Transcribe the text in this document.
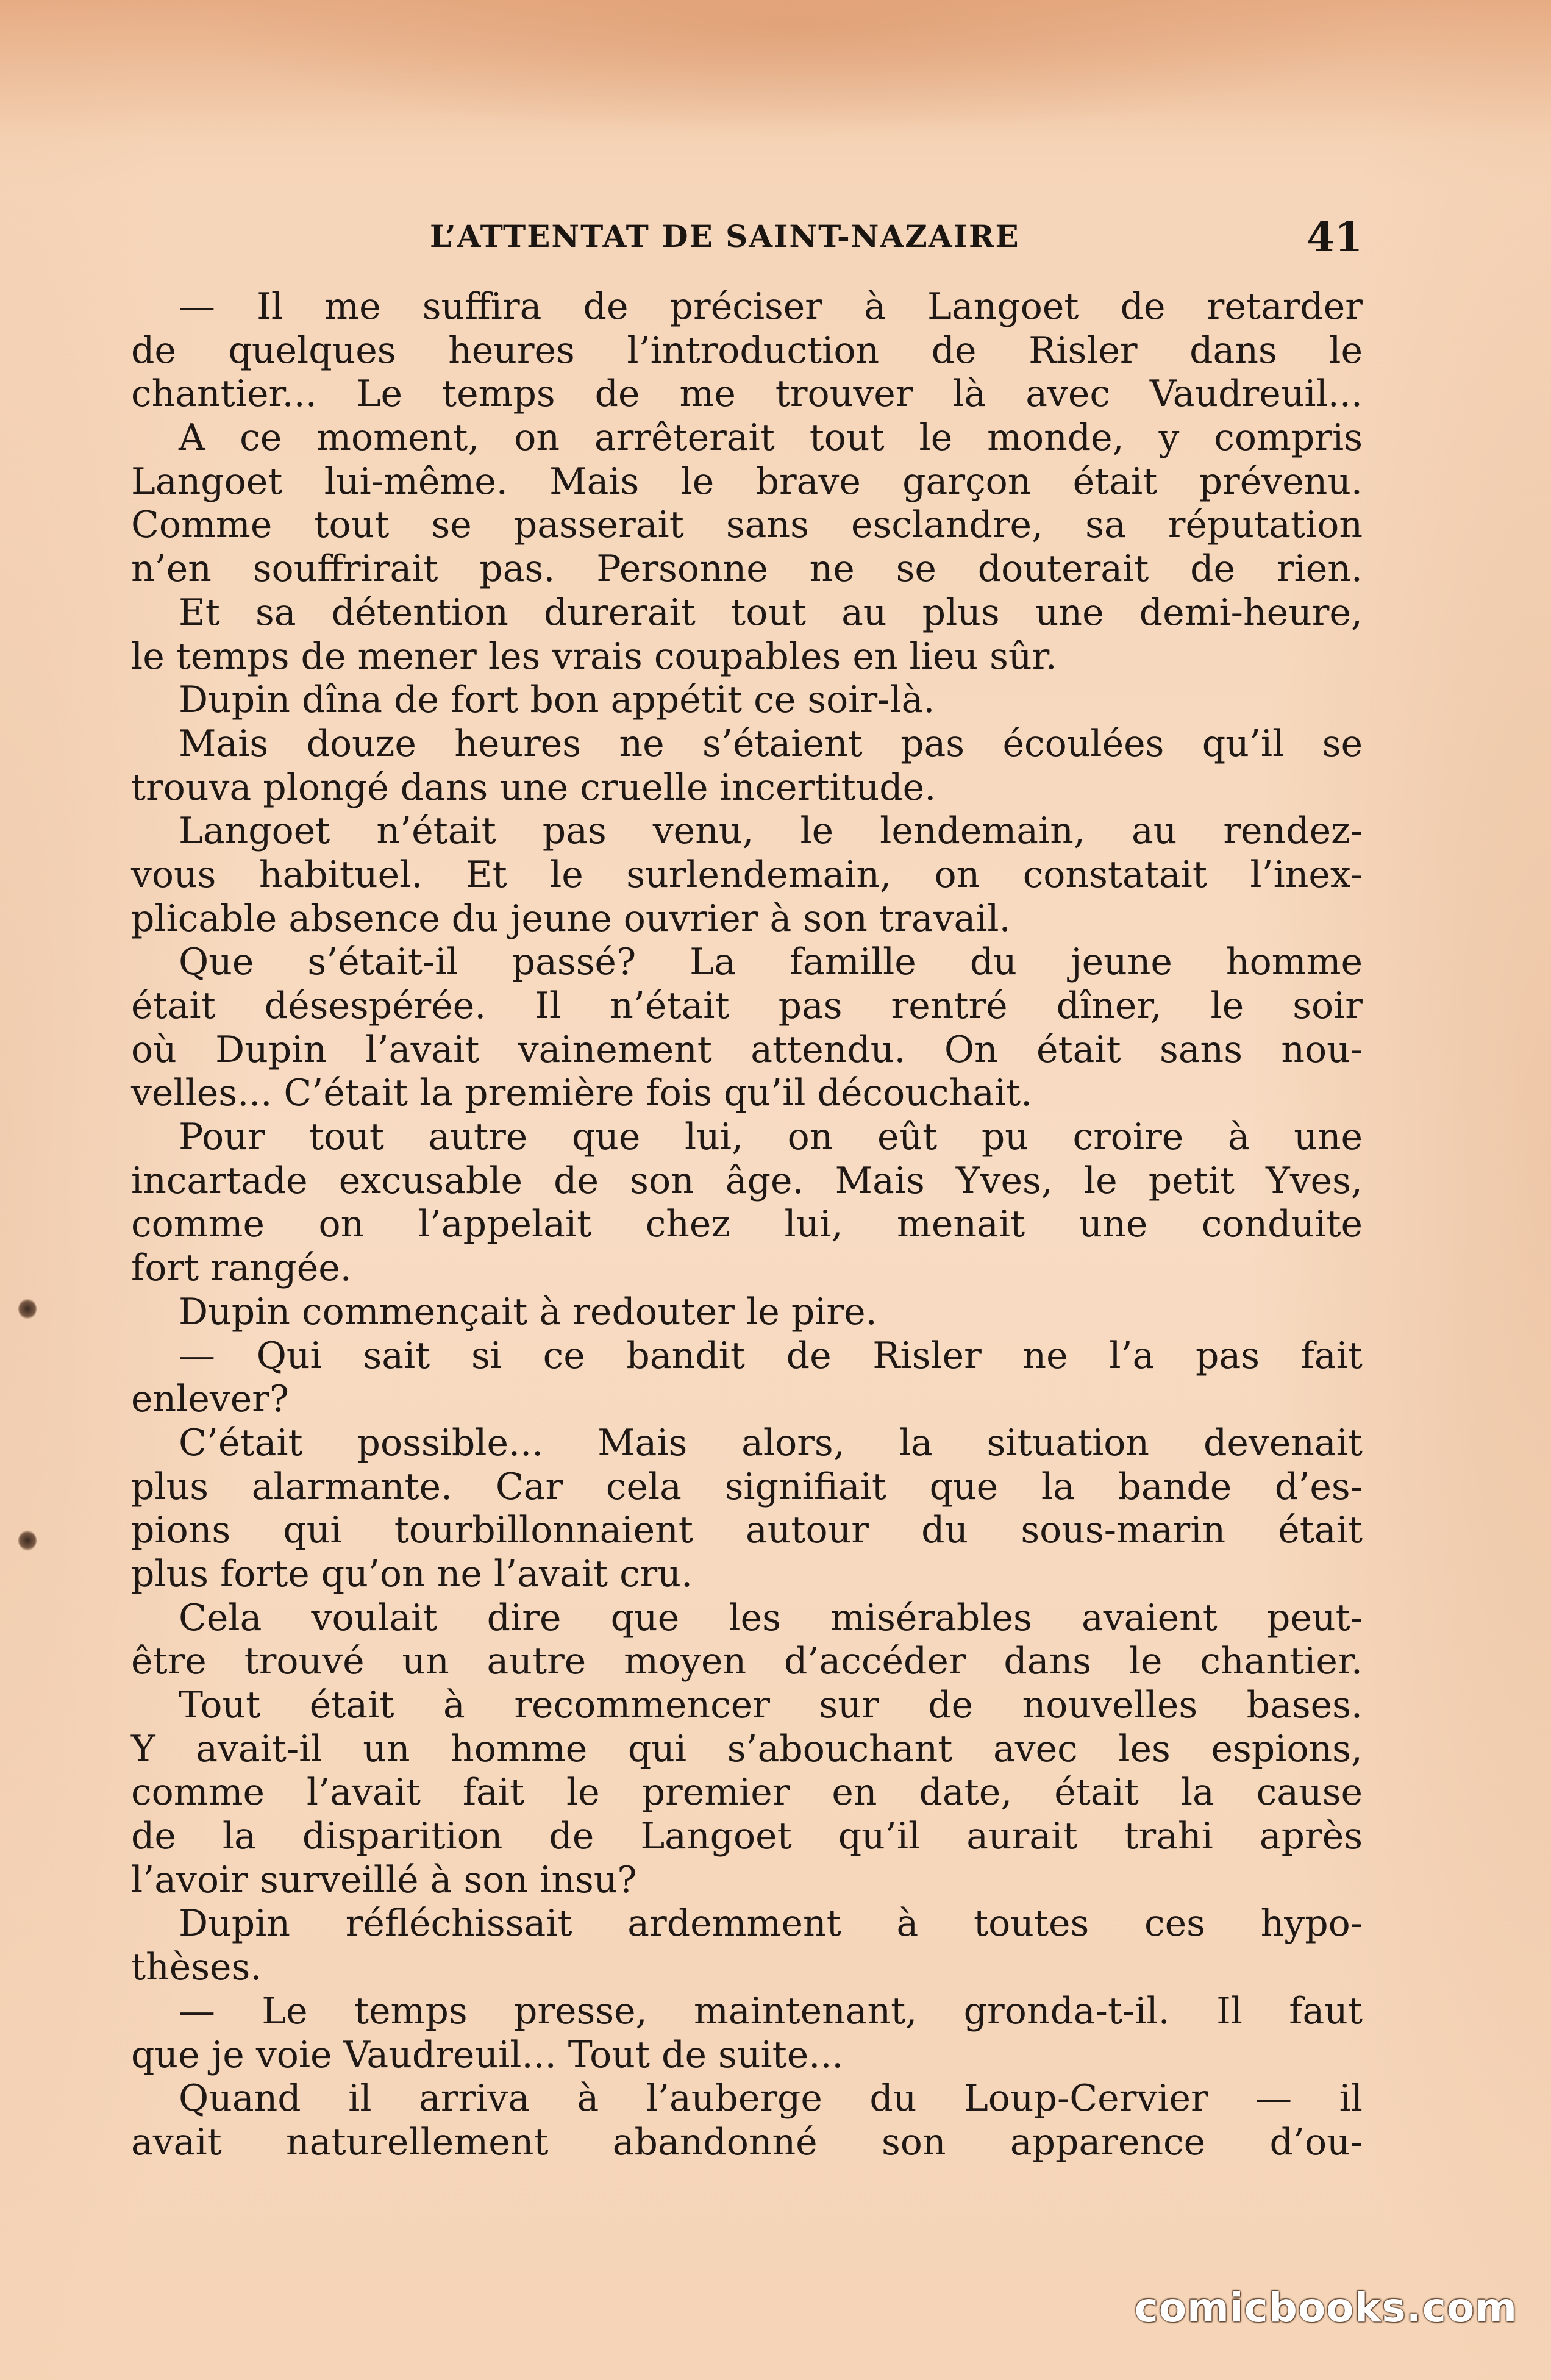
L’ATTENTAT DE SAINT-NAZAIRE	41
— Il me suffira de préciser à Langoet de retarder
de quelques heures l’introduction de Risler dans le
chantier... Le temps de me trouver là avec Vaudreuil...
A ce moment, on arrêterait tout le monde, y compris
Langoet lui-même. Mais le brave garçon était prévenu.
Comme tout se passerait sans esclandre, sa réputation
n’en souffrirait pas. Personne ne se douterait de rien.
Et sa détention durerait tout au plus une demi-heure,
le temps de mener les vrais coupables en lieu sûr.
Dupin dîna de fort bon appétit ce soir-là.
Mais douze heures ne s’étaient pas écoulées qu’il se
trouva plongé dans une cruelle incertitude.
Langoet n’était pas venu, le lendemain, au rendez-
vous habituel. Et le surlendemain, on constatait l’inex-
plicable absence du jeune ouvrier à son travail.
Que s’était-il passé? La famille du jeune homme
était désespérée. Il n’était pas rentré dîner, le soir
où Dupin l’avait vainement attendu. On était sans nou-
velles... C’était la première fois qu’il découchait.
Pour tout autre que lui, on eût pu croire à une
incartade excusable de son âge. Mais Yves, le petit Yves,
comme on l’appelait chez lui, menait une conduite
fort rangée.
Dupin commençait à redouter le pire.
— Qui sait si ce bandit de Risler ne l’a pas fait
enlever?
C’était possible... Mais alors, la situation devenait
plus alarmante. Car cela signifiait que la bande d’es-
pions qui tourbillonnaient autour du sous-marin était
plus forte qu’on ne l’avait cru.
Cela voulait dire que les misérables avaient peut-
être trouvé un autre moyen d’accéder dans le chantier.
Tout était à recommencer sur de nouvelles bases.
Y avait-il un homme qui s’abouchant avec les espions,
comme l’avait fait le premier en date, était la cause
de la disparition de Langoet qu’il aurait trahi après
l’avoir surveillé à son insu?
Dupin réfléchissait ardemment à toutes ces hypo-
thèses.
— Le temps presse, maintenant, gronda-t-il. Il faut
que je voie Vaudreuil... Tout de suite...
Quand il arriva à l’auberge du Loup-Cervier — il
avait naturellement abandonné son apparence d’ou-
comicbooks.com
